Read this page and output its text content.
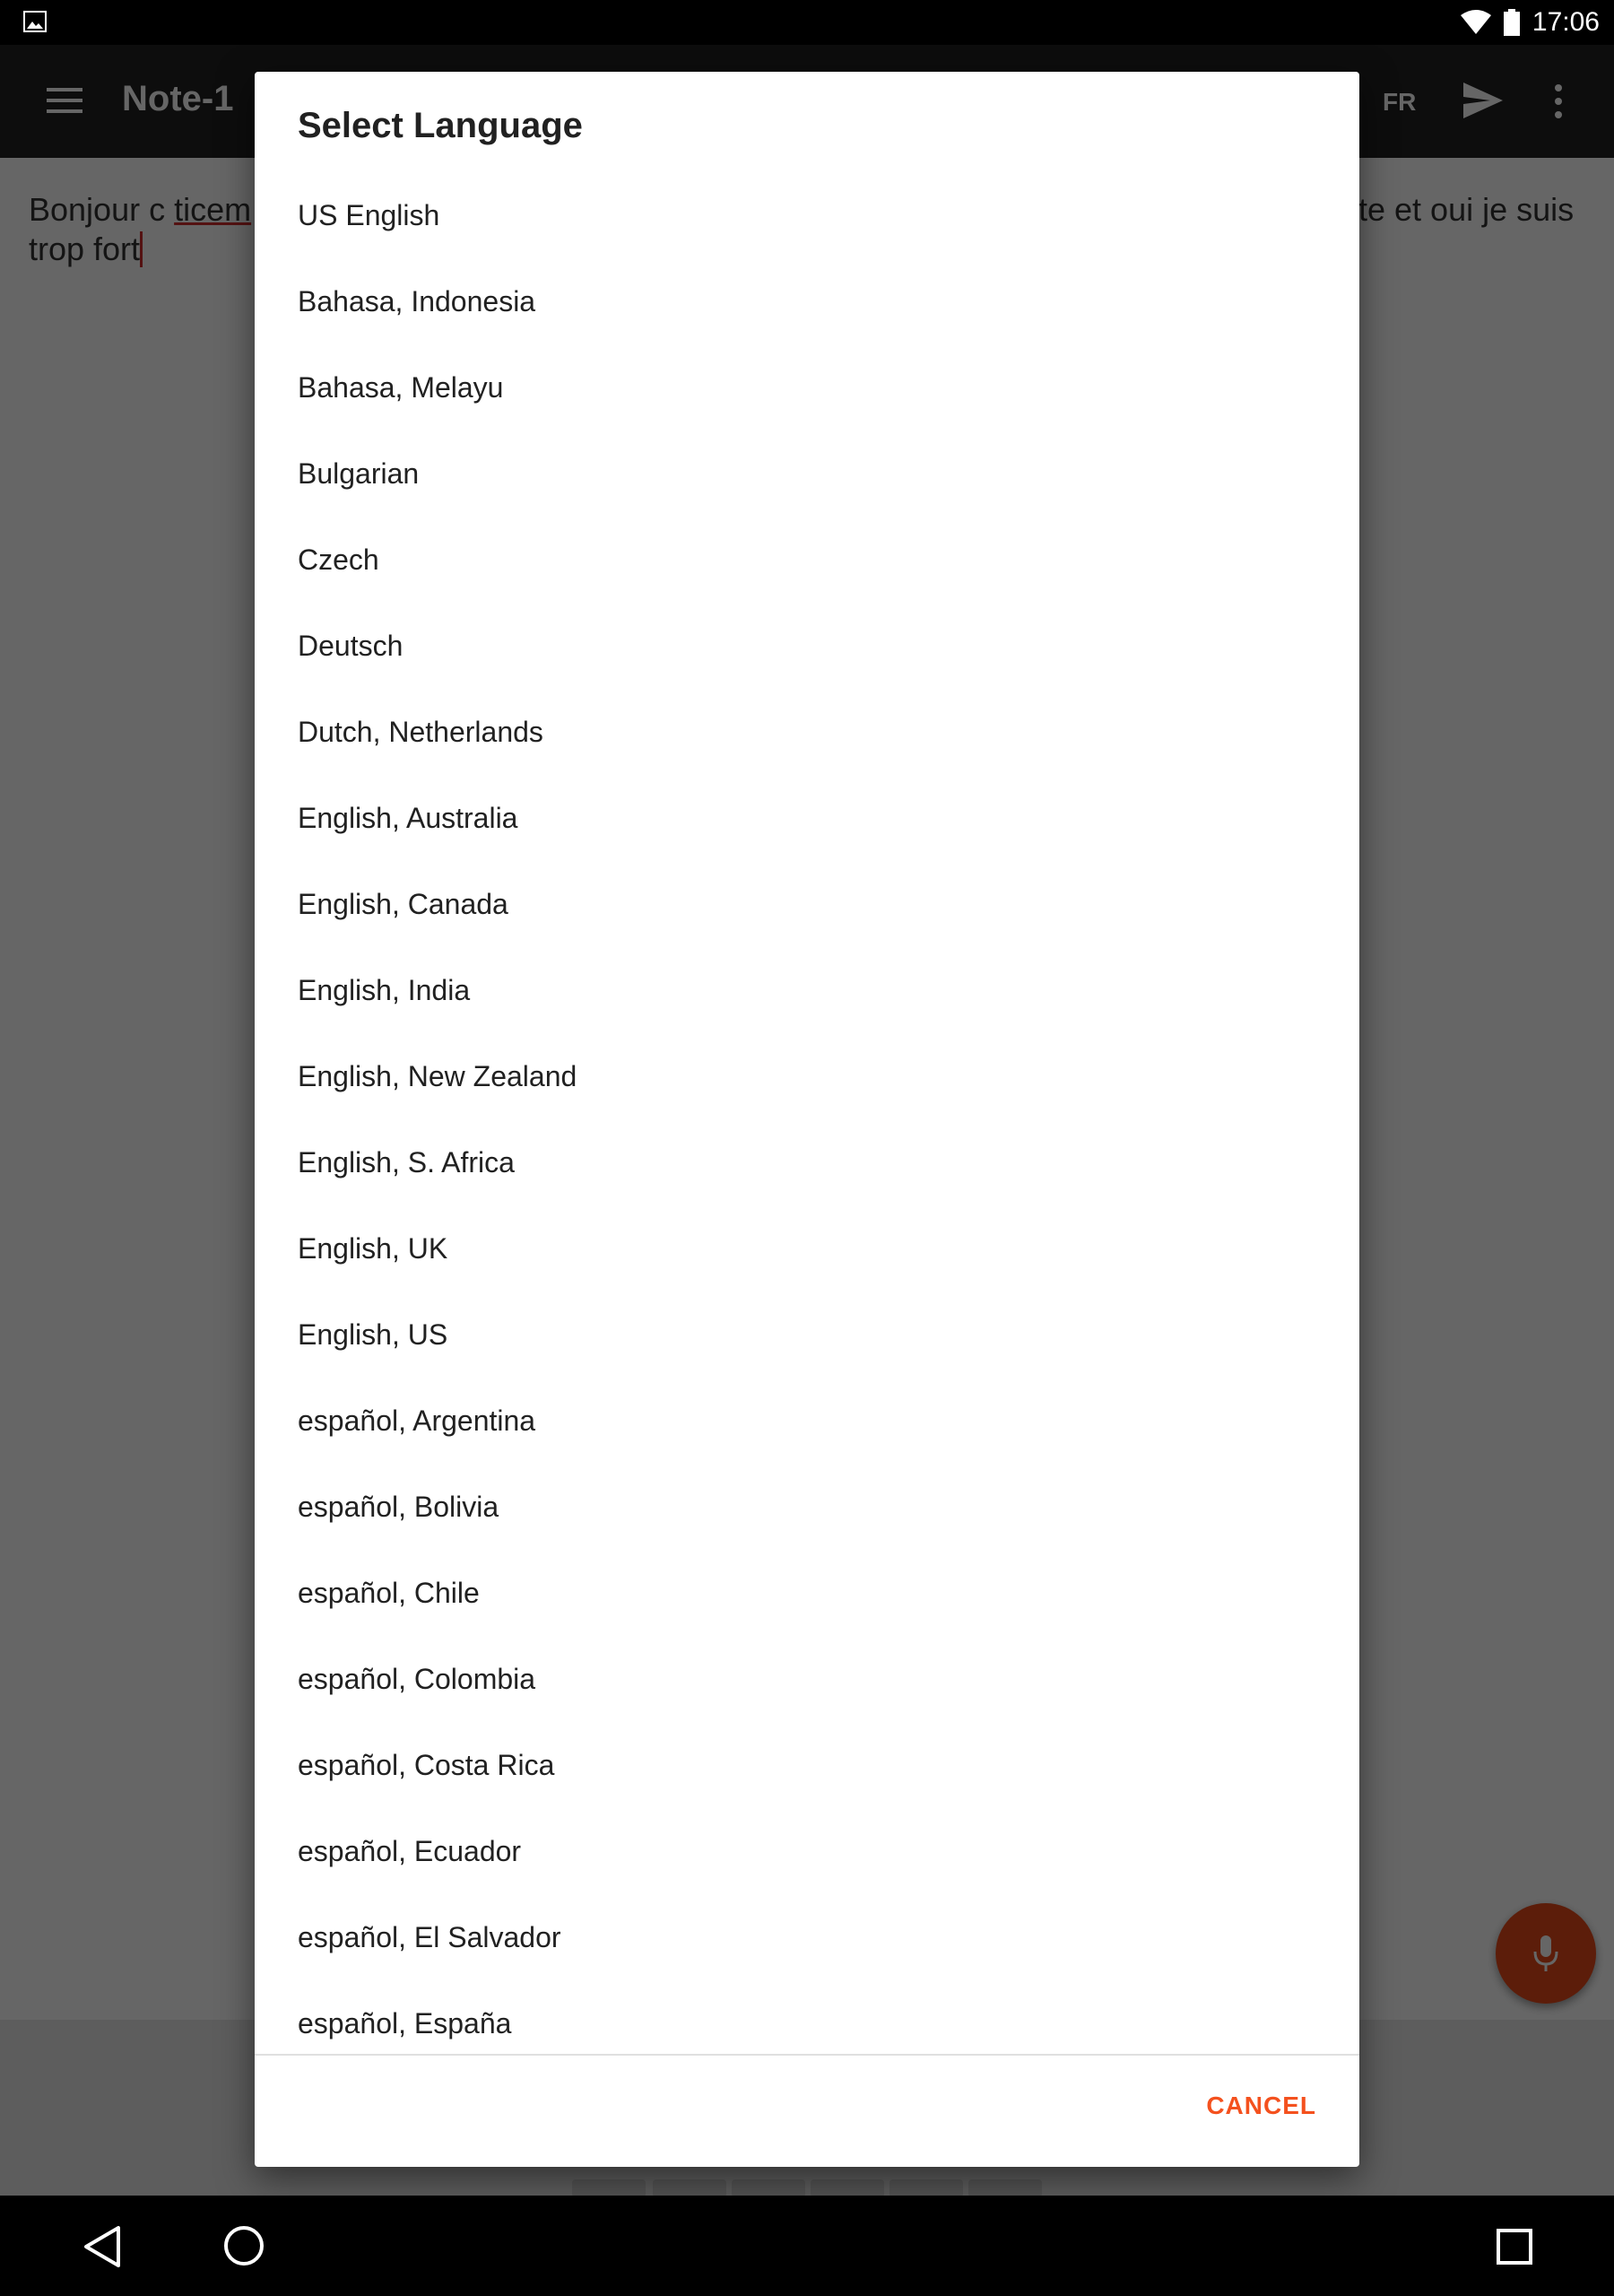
17:06

Select Language
US English
Bahasa, Indonesia
Bahasa, Melayu
Bulgarian
Czech
Deutsch
Dutch, Netherlands
English, Australia
English, Canada
English, India
English, New Zealand
English, S. Africa
English, UK
English, US
español, Argentina
español, Bolivia
español, Chile
español, Colombia
español, Costa Rica
español, Ecuador
español, El Salvador
español, España
CANCEL
